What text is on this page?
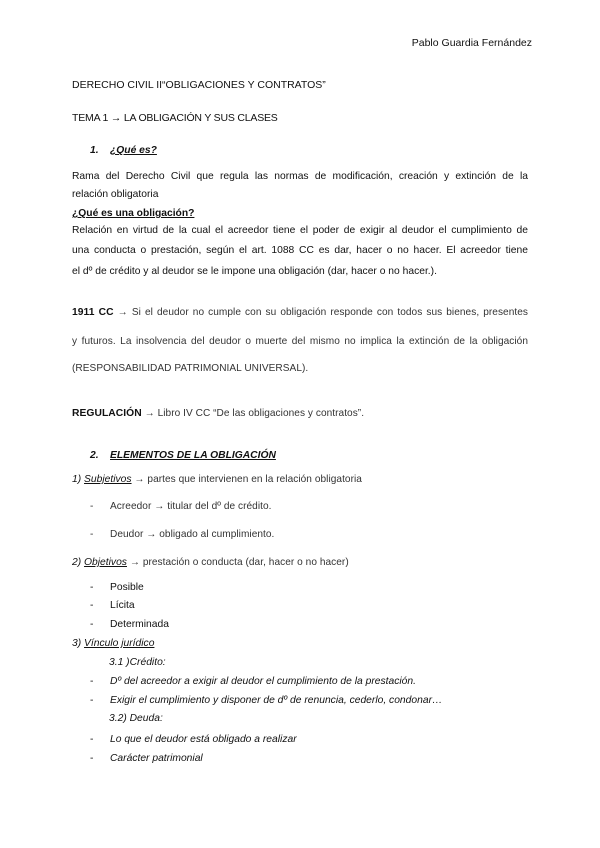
Pablo Guardia Fernández
DERECHO CIVIL II“OBLIGACIONES Y CONTRATOS”
TEMA 1 → LA OBLIGACIÓN Y SUS CLASES
1. ¿Qué es?
Rama del Derecho Civil que regula las normas de modificación, creación y extinción de la
relación obligatoria
¿Qué es una obligación?
Relación en virtud de la cual el acreedor tiene el poder de exigir al deudor el cumplimiento de
una conducta o prestación, según el art. 1088 CC es dar, hacer o no hacer. El acreedor tiene
el dº de crédito y al deudor se le impone una obligación (dar, hacer o no hacer.).
1911 CC → Si el deudor no cumple con su obligación responde con todos sus bienes, presentes
y futuros. La insolvencia del deudor o muerte del mismo no implica la extinción de la obligación
(RESPONSABILIDAD PATRIMONIAL UNIVERSAL).
REGULACIÓN → Libro IV CC “De las obligaciones y contratos”.
2. ELEMENTOS DE LA OBLIGACIÓN
1) Subjetivos → partes que intervienen en la relación obligatoria
- Acreedor → titular del dº de crédito.
- Deudor → obligado al cumplimiento.
2) Objetivos → prestación o conducta (dar, hacer o no hacer)
- Posible
- Lícita
- Determinada
3) Vínculo jurídico
3.1 )Crédito:
- Dº del acreedor a exigir al deudor el cumplimiento de la prestación.
- Exigir el cumplimiento y disponer de dº de renuncia, cederlo, condonar…
3.2) Deuda:
- Lo que el deudor está obligado a realizar
- Carácter patrimonial
